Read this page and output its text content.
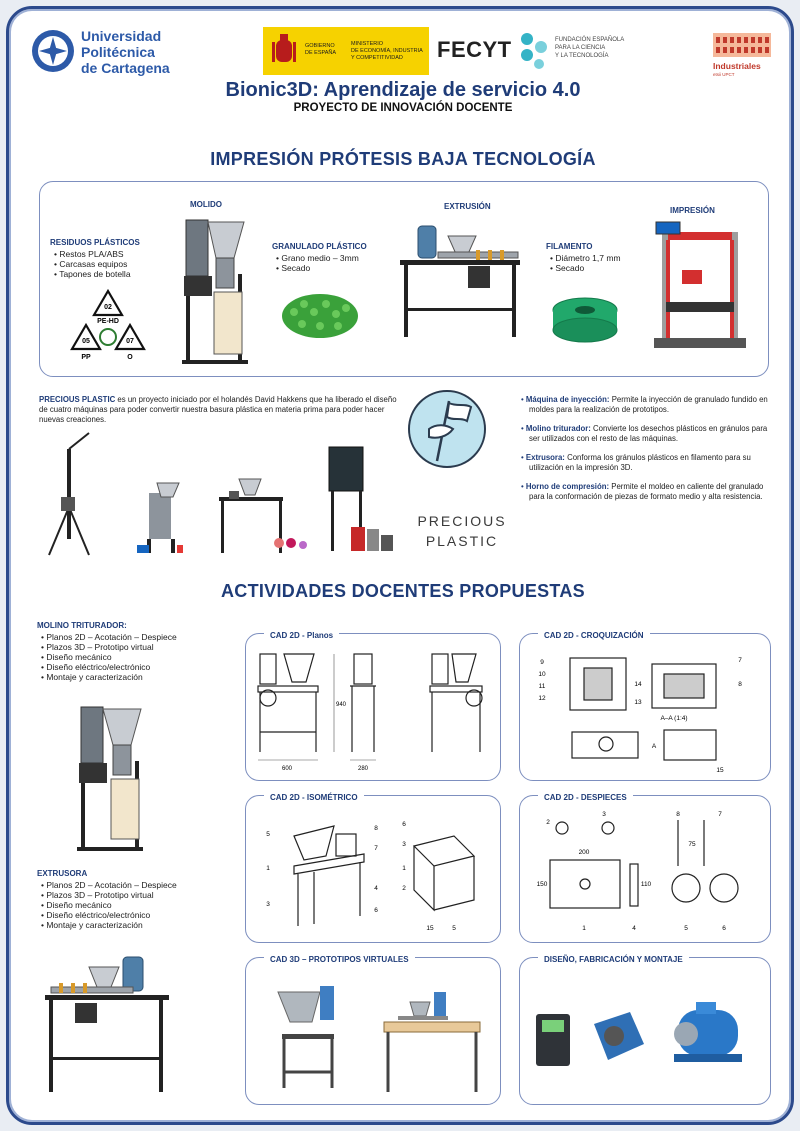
Universidad
Politécnica
de Cartagena
GOBIERNO
DE ESPAÑA
MINISTERIO
DE ECONOMÍA, INDUSTRIA
Y COMPETITIVIDAD FECYT	FUNDACIÓN ESPAÑOLA
PARA LA CIENCIA
Y LA TECNOLOGÍA
Industriales
etsii UPCT
Bionic3D: Aprendizaje de servicio 4.0
PROYECTO DE INNOVACIÓN DOCENTE
IMPRESIÓN PRÓTESIS BAJA TECNOLOGÍA
RESIDUOS PLÁSTICOS
• Restos PLA/ABS
• Carcasas equipos
• Tapones de botella
02
PE-HD
05
PP
07
O
MOLIDO
GRANULADO PLÁSTICO
• Grano medio – 3mm
• Secado
EXTRUSIÓN
FILAMENTO
• Diámetro 1,7 mm
• Secado
IMPRESIÓN
PRECIOUS PLASTIC es un proyecto iniciado por el holandés David Hakkens que ha liberado el diseño de cuatro máquinas para poder convertir nuestra basura plástica en materia prima para poder hacer nuevas creaciones.
PRECIOUS
PLASTIC
• Máquina de inyección: Permite la inyección de granulado fundido en moldes para la realización de prototipos.
• Molino triturador: Convierte los desechos plásticos en gránulos para ser utilizados con el resto de las máquinas.
• Extrusora: Conforma los gránulos plásticos en filamento para su utilización en la impresión 3D.
• Horno de compresión: Permite el moldeo en caliente del granulado para la conformación de piezas de formato medio y alta resistencia.
ACTIVIDADES DOCENTES PROPUESTAS
MOLINO TRITURADOR:
• Planos 2D – Acotación – Despiece
• Plazos 3D – Prototipo virtual
• Diseño mecánico
• Diseño eléctrico/electrónico
• Montaje y caracterización
EXTRUSORA
• Planos 2D – Acotación – Despiece
• Plazos 3D – Prototipo virtual
• Diseño mecánico
• Diseño eléctrico/electrónico
• Montaje y caracterización
CAD 2D - Planos
600	280
940
CAD 2D - CROQUIZACIÓN
9
10
11
12
13
14
7
8
15
A–A (1:4)
A
CAD 2D - ISOMÉTRICO
5
1
3
8
7
4
6
6
3
1
2
15	5
CAD 2D - DESPIECES
2
3
1	4
8	7
5	6
200
150	110
75
CAD 3D – PROTOTIPOS VIRTUALES	DISEÑO, FABRICACIÓN Y MONTAJE
